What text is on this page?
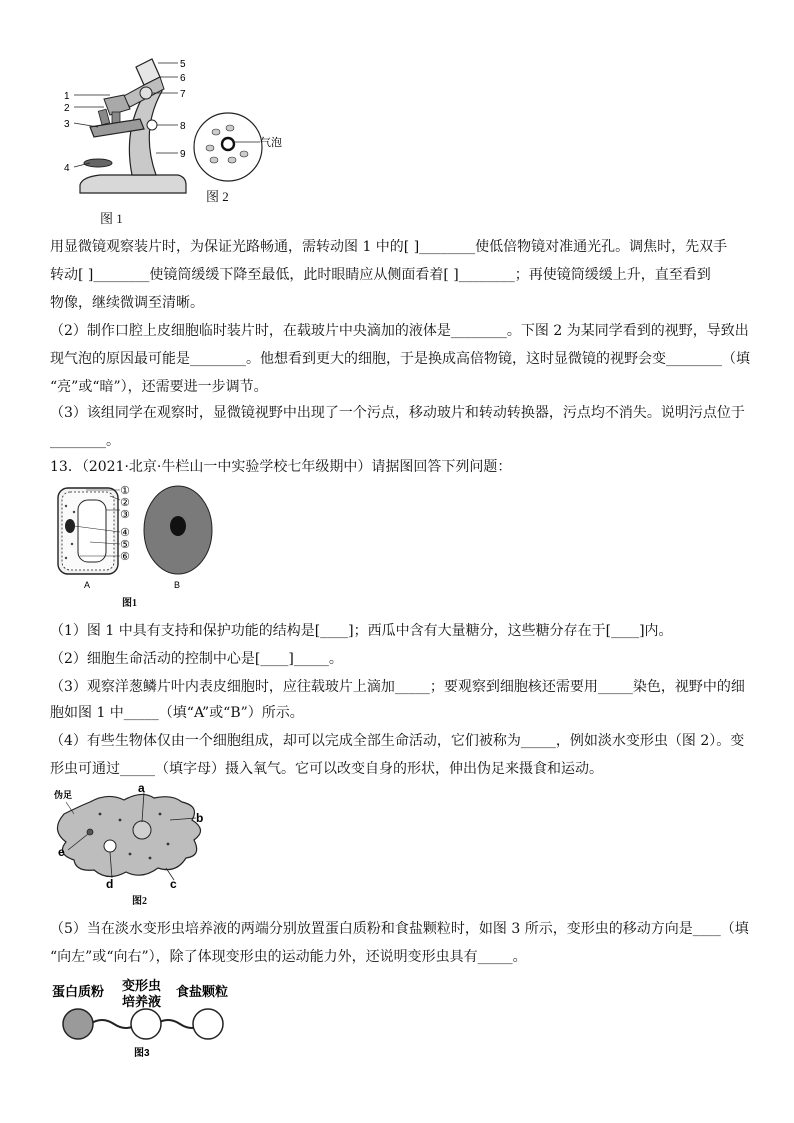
1
2
3
4
5
6
7
8
9
图 1
气泡
图 2
用显微镜观察装片时，为保证光路畅通，需转动图 1 中的[ ]________使低倍物镜对准通光孔。调焦时，先双手
转动[ ]________使镜筒缓缓下降至最低，此时眼睛应从侧面看着[ ]________；再使镜筒缓缓上升，直至看到
物像，继续微调至清晰。
（2）制作口腔上皮细胞临时装片时，在载玻片中央滴加的液体是________。下图 2 为某同学看到的视野，导致出
现气泡的原因最可能是________。他想看到更大的细胞，于是换成高倍物镜，这时显微镜的视野会变________（填
“亮”或“暗”），还需要进一步调节。
（3）该组同学在观察时，显微镜视野中出现了一个污点，移动玻片和转动转换器，污点均不消失。说明污点位于
________。
13．（2021·北京·牛栏山一中实验学校七年级期中）请据图回答下列问题：
①
②
③
④
⑤
⑥
A	B
图1
（1）图 1 中具有支持和保护功能的结构是[____]；西瓜中含有大量糖分，这些糖分存在于[____]内。
（2）细胞生命活动的控制中心是[____]_____。
（3）观察洋葱鳞片叶内表皮细胞时，应往载玻片上滴加_____；要观察到细胞核还需要用_____染色，视野中的细
胞如图 1 中_____（填“A”或“B”）所示。
（4）有些生物体仅由一个细胞组成，却可以完成全部生命活动，它们被称为_____，例如淡水变形虫（图 2）。变
形虫可通过_____（填字母）摄入氧气。它可以改变自身的形状，伸出伪足来摄食和运动。
伪足	a
b
c
d
e
图2
（5）当在淡水变形虫培养液的两端分别放置蛋白质粉和食盐颗粒时，如图 3 所示，变形虫的移动方向是____（填
“向左”或“向右”），除了体现变形虫的运动能力外，还说明变形虫具有_____。
蛋白质粉 变形虫
培养液
食盐颗粒
图3
